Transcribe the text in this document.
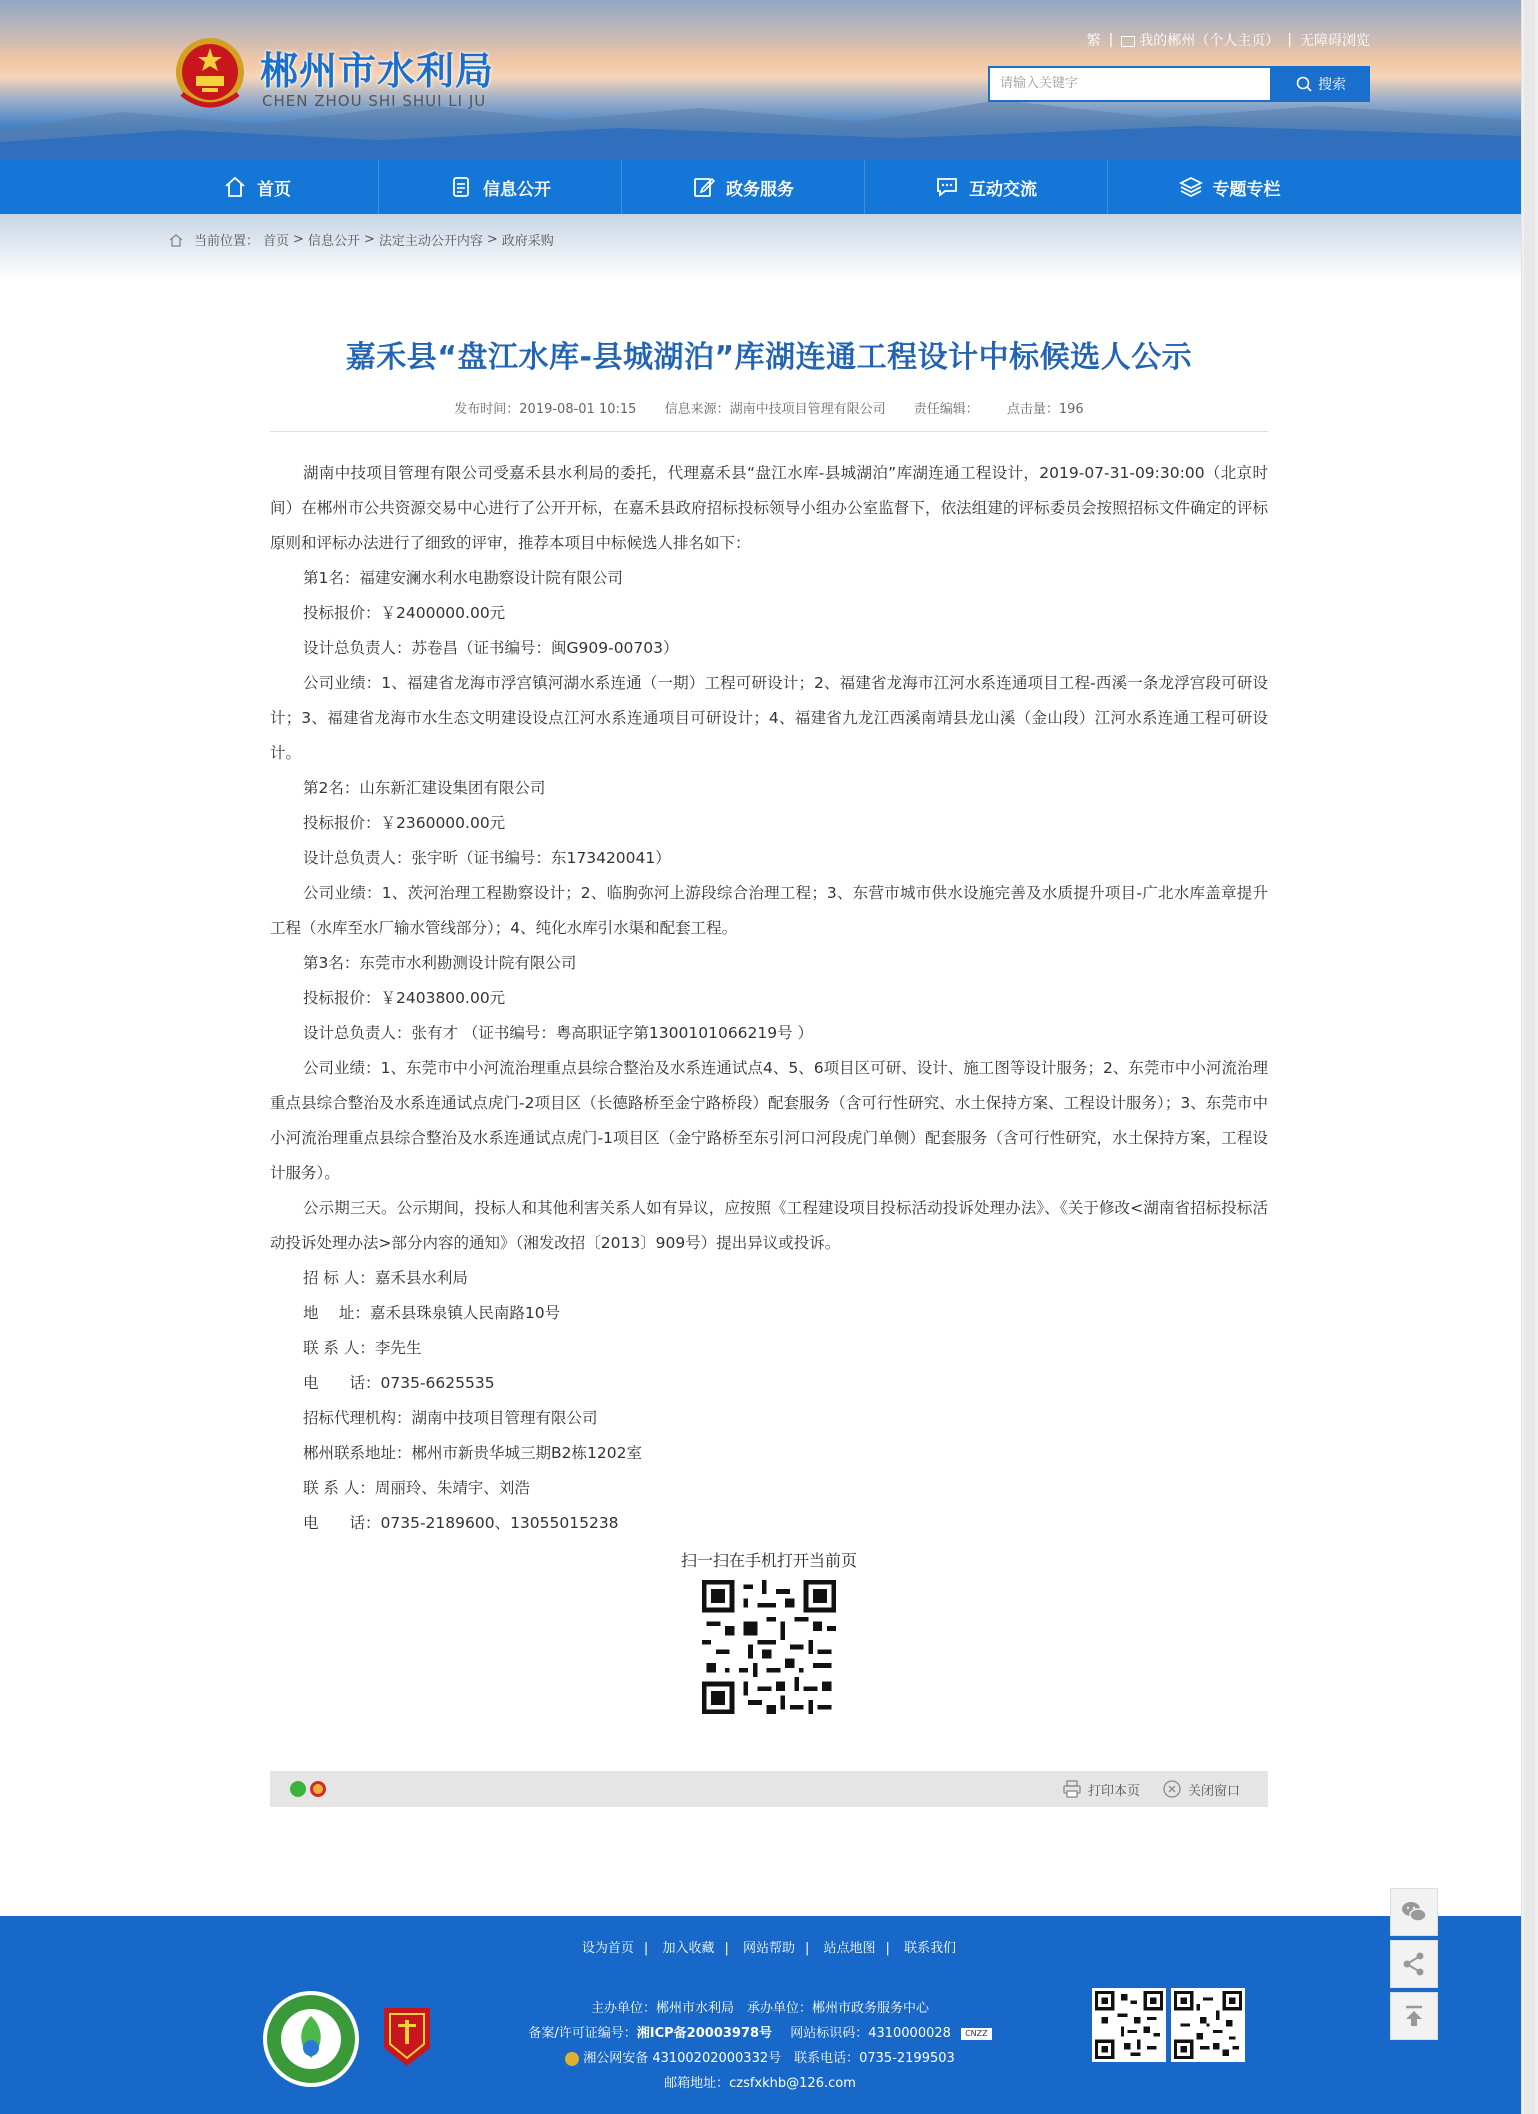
郴州市水利局
CHEN ZHOU SHI SHUI LI JU
繁 |	我的郴州（个人主页） | 无障碍浏览
请输入关键字	搜索
首页	信息公开	政务服务	互动交流	专题专栏
当前位置： 首页 > 信息公开 > 法定主动公开内容 > 政府采购
嘉禾县“盘江水库-县城湖泊”库湖连通工程设计中标候选人公示
发布时间：2019-08-01 10:15 信息来源：湖南中技项目管理有限公司 责任编辑： 点击量：196

湖南中技项目管理有限公司受嘉禾县水利局的委托，代理嘉禾县“盘江水库-县城湖泊”库湖连通工程设计，2019-07-31-09:30:00（北京时间）在郴州市公共资源交易中心进行了公开开标，在嘉禾县政府招标投标领导小组办公室监督下，依法组建的评标委员会按照招标文件确定的评标原则和评标办法进行了细致的评审，推荐本项目中标候选人排名如下：

第1名：福建安澜水利水电勘察设计院有限公司

投标报价：￥2400000.00元

设计总负责人：苏卷昌（证书编号：闽G909-00703）

公司业绩：1、福建省龙海市浮宫镇河湖水系连通（一期）工程可研设计；2、福建省龙海市江河水系连通项目工程-西溪一条龙浮宫段可研设计；3、福建省龙海市水生态文明建设设点江河水系连通项目可研设计；4、福建省九龙江西溪南靖县龙山溪（金山段）江河水系连通工程可研设计。

第2名：山东新汇建设集团有限公司

投标报价：￥2360000.00元

设计总负责人：张宇昕（证书编号：东173420041）

公司业绩：1、茨河治理工程勘察设计；2、临朐弥河上游段综合治理工程；3、东营市城市供水设施完善及水质提升项目-广北水库盖章提升工程（水库至水厂输水管线部分）；4、纯化水库引水渠和配套工程。

第3名：东莞市水利勘测设计院有限公司

投标报价：￥2403800.00元

设计总负责人：张有才 （证书编号：粤高职证字第1300101066219号 ）

公司业绩：1、东莞市中小河流治理重点县综合整治及水系连通试点4、5、6项目区可研、设计、施工图等设计服务；2、东莞市中小河流治理重点县综合整治及水系连通试点虎门-2项目区（长德路桥至金宁路桥段）配套服务（含可行性研究、水土保持方案、工程设计服务）；3、东莞市中小河流治理重点县综合整治及水系连通试点虎门-1项目区（金宁路桥至东引河口河段虎门单侧）配套服务（含可行性研究，水土保持方案，工程设计服务）。

公示期三天。公示期间，投标人和其他利害关系人如有异议，应按照《工程建设项目投标活动投诉处理办法》、《关于修改<湖南省招标投标活动投诉处理办法>部分内容的通知》（湘发改招〔2013〕909号）提出异议或投诉。

招 标 人：嘉禾县水利局

地　 址：嘉禾县珠泉镇人民南路10号

联 系 人：李先生

电　　话：0735-6625535

招标代理机构：湖南中技项目管理有限公司

郴州联系地址：郴州市新贵华城三期B2栋1202室

联 系 人：周丽玲、朱靖宇、刘浩

电　　话：0735-2189600、13055015238

扫一扫在手机打开当前页
打印本页	关闭窗口
设为首页 | 加入收藏 | 网站帮助 | 站点地图 | 联系我们
主办单位：郴州市水利局　承办单位：郴州市政务服务中心
备案/许可证编号：湘ICP备20003978号 网站标识码：4310000028 CNZZ
湘公网安备 43100202000332号　联系电话：0735-2199503
邮箱地址：czsfxkhb@126.com
